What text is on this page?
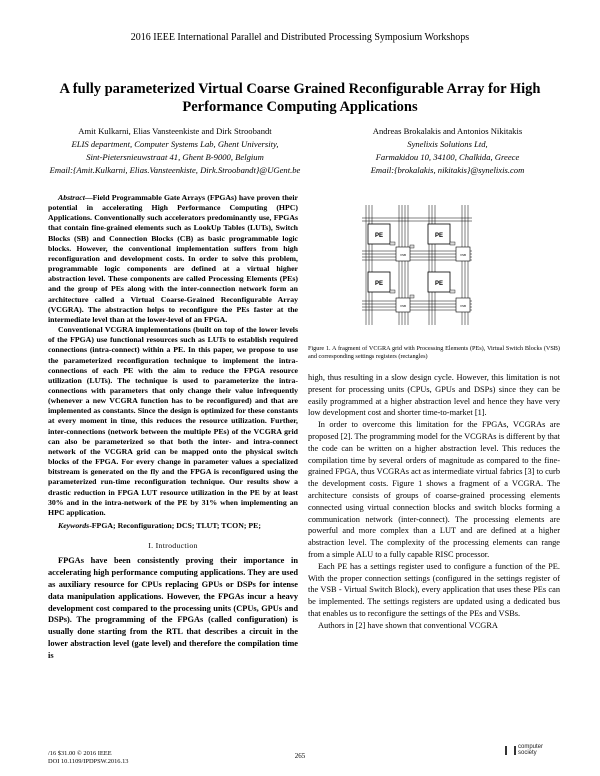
2016 IEEE International Parallel and Distributed Processing Symposium Workshops
A fully parameterized Virtual Coarse Grained Reconfigurable Array for High Performance Computing Applications
Amit Kulkarni, Elias Vansteenkiste and Dirk Stroobandt
ELIS department, Computer Systems Lab, Ghent University,
Sint-Pietersnieuwstraat 41, Ghent B-9000, Belgium
Email:{Amit.Kulkarni, Elias.Vansteenkiste, Dirk.Stroobandt}@UGent.be
Andreas Brokalakis and Antonios Nikitakis
Synelixis Solutions Ltd,
Farmakidou 10, 34100, Chalkida, Greece
Email:{brokalakis, nikitakis}@synelixis.com

Abstract—Field Programmable Gate Arrays (FPGAs) have proven their potential in accelerating High Performance Computing (HPC) Applications. Conventionally such accelerators predominantly use, FPGAs that contain fine-grained elements such as LookUp Tables (LUTs), Switch Blocks (SB) and Connection Blocks (CB) as basic programmable logic blocks. However, the conventional implementation suffers from high reconfiguration and development costs. In order to solve this problem, programmable logic components are defined at a virtual higher abstraction level. These components are called Processing Elements (PEs) and the group of PEs along with the inter-connection network form an architecture called a Virtual Coarse-Grained Reconfigurable Array (VCGRA). The abstraction helps to reconfigure the PEs faster at the intermediate level than at the lower-level of an FPGA.

Conventional VCGRA implementations (built on top of the lower levels of the FPGA) use functional resources such as LUTs to establish required connections (intra-connect) within a PE. In this paper, we propose to use the parameterized reconfiguration technique to implement the intra-connections of each PE with the aim to reduce the FPGA resource utilization (LUTs). The technique is used to parameterize the intra-connections with parameters that only change their value infrequently (whenever a new VCGRA function has to be reconfigured) and that are implemented as constants. Since the design is optimized for these constants at every moment in time, this reduces the resource utilization. Further, inter-connections (network between the multiple PEs) of the VCGRA grid can also be parameterized so that both the inter- and intra-connect network of the VCGRA grid can be mapped onto the physical switch blocks of the FPGA. For every change in parameter values a specialized bitstream is generated on the fly and the FPGA is reconfigured using the parameterized run-time reconfiguration technique. Our results show a drastic reduction in FPGA LUT resource utilization in the PE by at least 30% and in the intra-network of the PE by 31% when implementing an HPC application.

Keywords-FPGA; Reconfiguration; DCS; TLUT; TCON; PE;

I. Introduction

FPGAs have been consistently proving their importance in accelerating high performance computing applications. They are used as auxiliary resource for CPUs replacing GPUs or DSPs for intense data manipulation applications. However, the FPGAs incur a heavy development cost compared to the processing units (CPUs, GPUs and DSPs). The programming of the FPGAs (called configuration) is usually done starting from the RTL that describes a circuit in the lower abstraction level (gate level) and therefore the compilation time is

PE	PE
PE	PE
VSB	VSB
VSB	VSB
Figure 1. A fragment of VCGRA grid with Processing Elements (PEs), Virtual Switch Blocks (VSB) and corresponding settings registers (rectangles)

high, thus resulting in a slow design cycle. However, this limitation is not present for processing units (CPUs, GPUs and DSPs) since they can be easily programmed at a higher abstraction level and hence they have very low development cost and shorter time-to-market [1].

In order to overcome this limitation for the FPGAs, VCGRAs are proposed [2]. The programming model for the VCGRAs is different by that the code can be written on a higher abstraction level. This reduces the compilation time by several orders of magnitude as compared to the fine-grained FPGA, thus VCGRAs act as intermediate virtual fabrics [3] to curb the development costs. Figure 1 shows a fragment of a VCGRA. The architecture consists of groups of coarse-grained processing elements connected using virtual connection blocks and switch blocks forming a communication network (inter-connect). The processing elements are powerful and more complex than a LUT and are defined at a higher abstraction level. The complexity of the processing elements can range from a simple ALU to a fully capable RISC processor.

Each PE has a settings register used to configure a function of the PE. With the proper connection settings (configured in the settings register of the VSB - Virtual Switch Block), every application that uses these PEs can be implemented. The settings registers are updated using a dedicated bus that enables us to reconfigure the settings of the PEs and VSBs.

Authors in [2] have shown that conventional VCGRA

/16 $31.00 © 2016 IEEE
DOI 10.1109/IPDPSW.2016.13
265
computer
society
